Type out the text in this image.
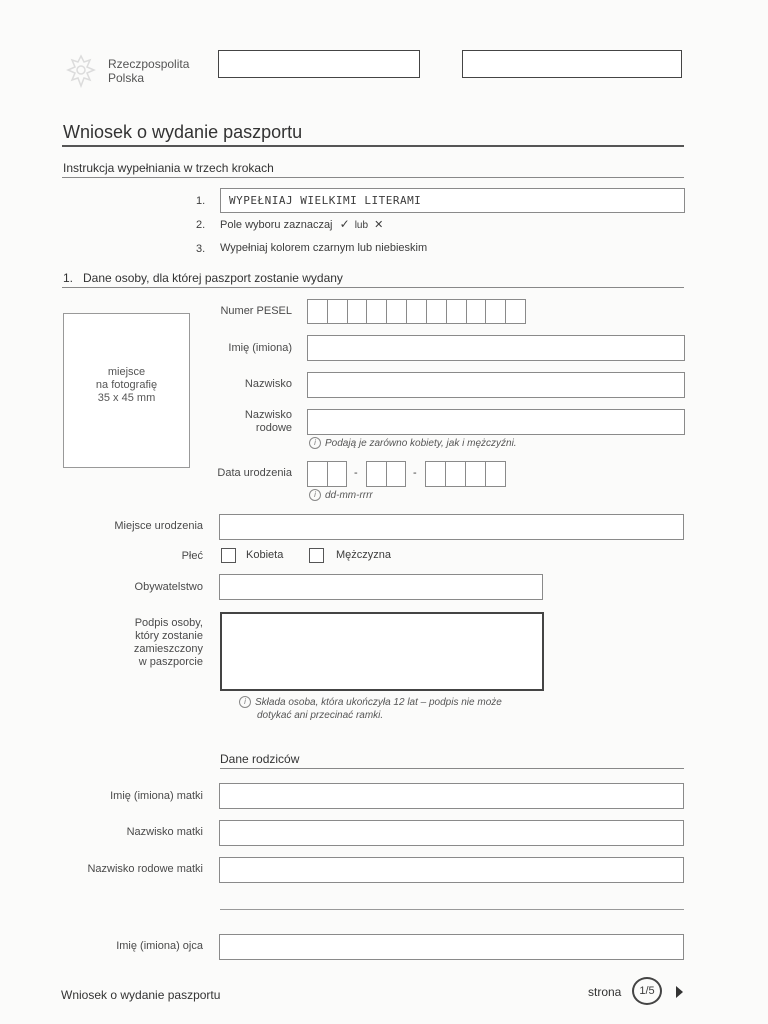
Rzeczpospolita
Polska
Wniosek o wydanie paszportu
Instrukcja wypełniania w trzech krokach
1. WYPEŁNIAJ WIELKIMI LITERAMI
2. Pole wyboru zaznaczaj ✓ lub ✕
3. Wypełniaj kolorem czarnym lub niebieskim
1.   Dane osoby, dla której paszport zostanie wydany
miejsce
na fotografię
35 x 45 mm
Numer PESEL
Imię (imiona)
Nazwisko
Nazwisko
rodowe
i Podają je zarówno kobiety, jak i mężczyźni.
Data urodzenia	-	-
i dd-mm-rrrr
Miejsce urodzenia
Płeć	Kobieta	Mężczyzna
Obywatelstwo
Podpis osoby,
który zostanie
zamieszczony
w paszporcie
i Składa osoba, która ukończyła 12 lat – podpis nie może
dotykać ani przecinać ramki.
Dane rodziców
Imię (imiona) matki
Nazwisko matki
Nazwisko rodowe matki
Imię (imiona) ojca
Wniosek o wydanie paszportu	strona	1/5
